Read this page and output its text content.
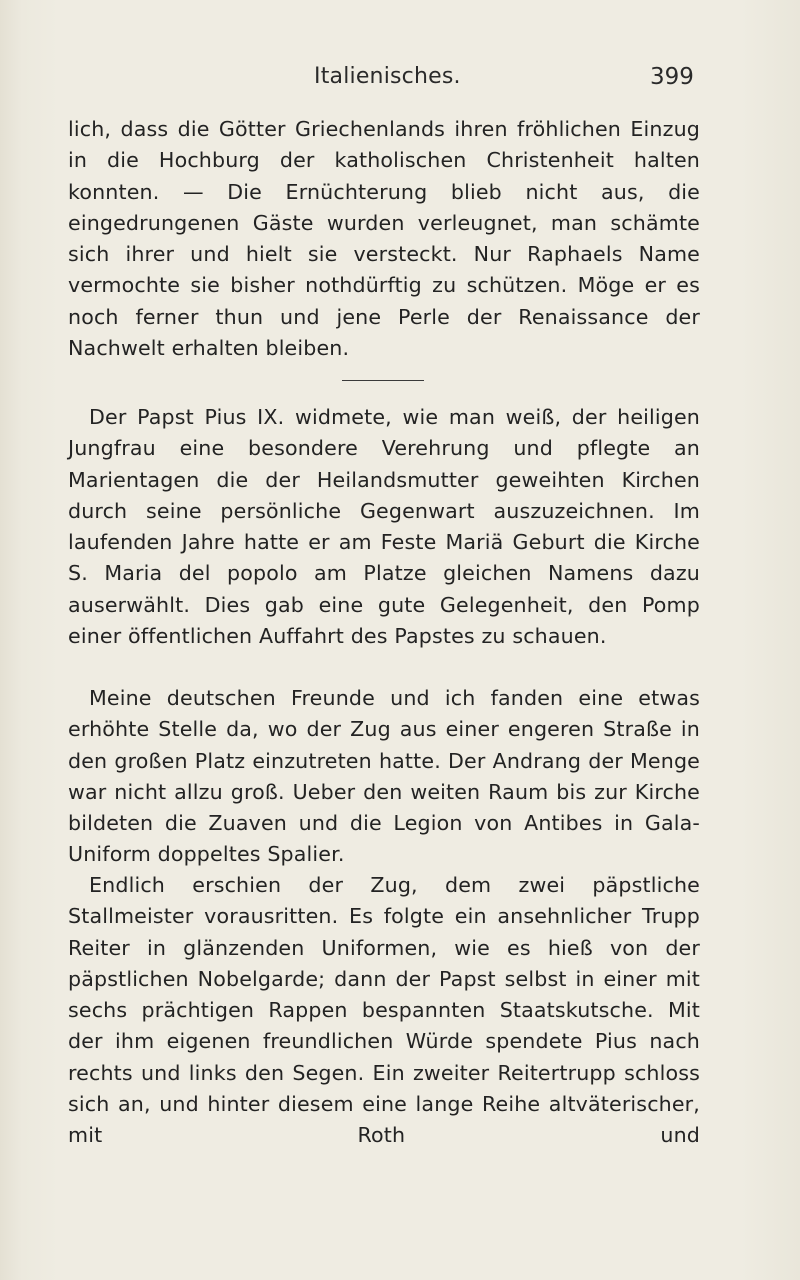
Italienisches.	399

lich, dass die Götter Griechenlands ihren fröhlichen Einzug in die Hochburg der katholischen Christenheit halten konnten. — Die Ernüchterung blieb nicht aus, die eingedrungenen Gäste wurden verleugnet, man schämte sich ihrer und hielt sie versteckt. Nur Raphaels Name vermochte sie bisher nothdürftig zu schützen. Möge er es noch ferner thun und jene Perle der Renaissance der Nachwelt erhalten bleiben.

Der Papst Pius IX. widmete, wie man weiß, der heiligen Jungfrau eine besondere Verehrung und pflegte an Marientagen die der Heilandsmutter geweihten Kirchen durch seine persönliche Gegenwart auszuzeichnen. Im laufenden Jahre hatte er am Feste Mariä Geburt die Kirche S. Maria del popolo am Platze gleichen Namens dazu auserwählt. Dies gab eine gute Gelegenheit, den Pomp einer öffentlichen Auffahrt des Papstes zu schauen.

Meine deutschen Freunde und ich fanden eine etwas erhöhte Stelle da, wo der Zug aus einer engeren Straße in den großen Platz einzutreten hatte. Der Andrang der Menge war nicht allzu groß. Ueber den weiten Raum bis zur Kirche bildeten die Zuaven und die Legion von Antibes in Gala-Uniform doppeltes Spalier.

Endlich erschien der Zug, dem zwei päpstliche Stallmeister vorausritten. Es folgte ein ansehnlicher Trupp Reiter in glänzenden Uniformen, wie es hieß von der päpstlichen Nobelgarde; dann der Papst selbst in einer mit sechs prächtigen Rappen bespannten Staatskutsche. Mit der ihm eigenen freundlichen Würde spendete Pius nach rechts und links den Segen. Ein zweiter Reitertrupp schloss sich an, und hinter diesem eine lange Reihe altväterischer, mit Roth und
